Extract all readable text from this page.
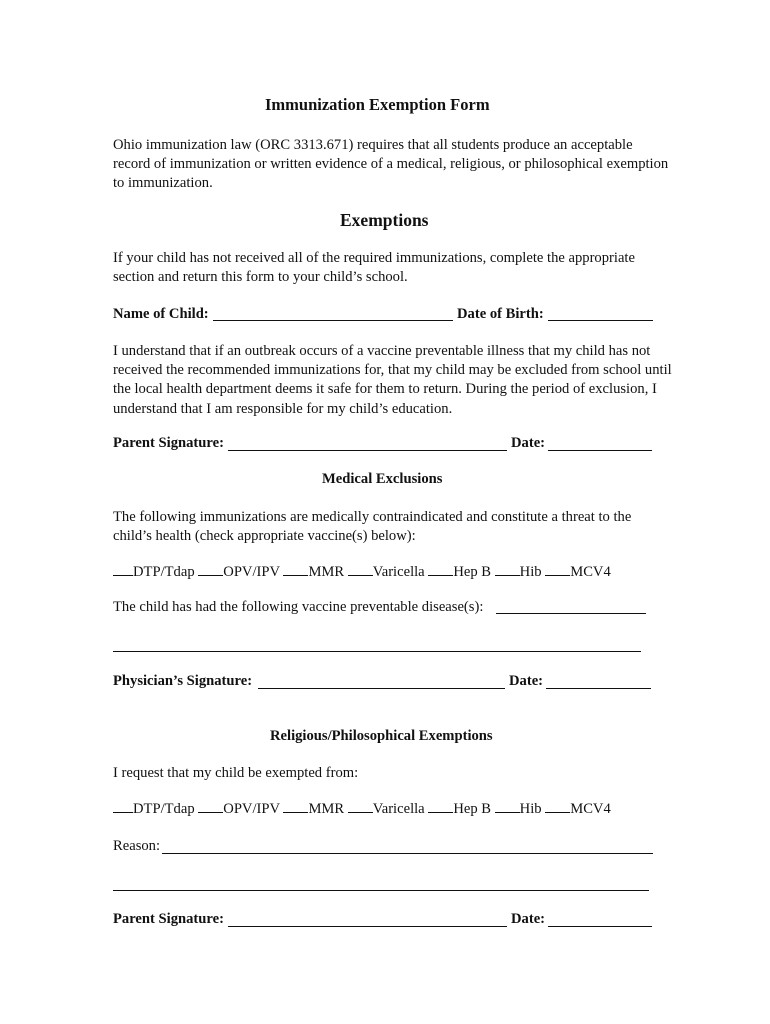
Immunization Exemption Form

Ohio immunization law (ORC 3313.671) requires that all students produce an acceptable record of immunization or written evidence of a medical, religious, or philosophical exemption to immunization.

Exemptions

If your child has not received all of the required immunizations, complete the appropriate section and return this form to your child’s school.

Name of Child:	Date of Birth:

I understand that if an outbreak occurs of a vaccine preventable illness that my child has not received the recommended immunizations for, that my child may be excluded from school until the local health department deems it safe for them to return. During the period of exclusion, I understand that I am responsible for my child’s education.

Parent Signature:	Date:

Medical Exclusions

The following immunizations are medically contraindicated and constitute a threat to the child’s health (check appropriate vaccine(s) below):

DTP/Tdap OPV/IPV MMR Varicella Hep B Hib MCV4

The child has had the following vaccine preventable disease(s):

Physician’s Signature:	Date:

Religious/Philosophical Exemptions

I request that my child be exempted from:

DTP/Tdap OPV/IPV MMR Varicella Hep B Hib MCV4

Reason:

Parent Signature:	Date:
